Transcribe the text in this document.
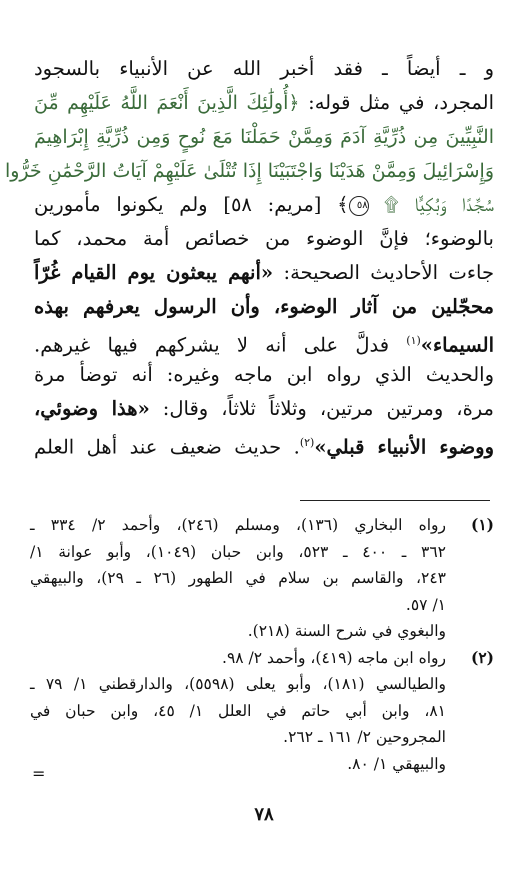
و ـ أيضاً ـ فقد أخبر الله عن الأنبياء بالسجود
المجرد، في مثل قوله: ﴿أُولَٰئِكَ الَّذِينَ أَنْعَمَ اللَّهُ عَلَيْهِم مِّنَ
النَّبِيِّينَ مِن ذُرِّيَّةِ آدَمَ وَمِمَّنْ حَمَلْنَا مَعَ نُوحٍ وَمِن ذُرِّيَّةِ إِبْرَاهِيمَ
وَإِسْرَائِيلَ وَمِمَّنْ هَدَيْنَا وَاجْتَبَيْنَا إِذَا تُتْلَىٰ عَلَيْهِمْ آيَاتُ الرَّحْمَٰنِ خَرُّوا
سُجَّدًا وَبُكِيًّا ۩ ٥٨﴾ [مريم: ٥٨] ولم يكونوا مأمورين
بالوضوء؛ فإنَّ الوضوء من خصائص أمة محمد، كما
جاءت الأحاديث الصحيحة: «أنهم يبعثون يوم القيام غُرّاً
محجّلين من آثار الوضوء، وأن الرسول يعرفهم بهذه
السيماء»$^{(١)}$ فدلَّ على أنه لا يشركهم فيها غيرهم.
والحديث الذي رواه ابن ماجه وغيره: أنه توضأ مرة
مرة، ومرتين مرتين، وثلاثاً ثلاثاً، وقال: «هذا وضوئي،
ووضوء الأنبياء قبلي»$^{(٢)}$. حديث ضعيف عند أهل العلم
(١)
رواه البخاري (١٣٦)، ومسلم (٢٤٦)، وأحمد ٢/ ٣٣٤ ـ
٣٦٢ ـ ٤٠٠ ـ ٥٢٣، وابن حبان (١٠٤٩)، وأبو عوانة ١/
٢٤٣، والقاسم بن سلام في الطهور (٢٦ ـ ٢٩)، والبيهقي
١/ ٥٧.
والبغوي في شرح السنة (٢١٨).
(٢)
رواه ابن ماجه (٤١٩)، وأحمد ٢/ ٩٨.
والطيالسي (١٨١)، وأبو يعلى (٥٥٩٨)، والدارقطني ١/ ٧٩ ـ
٨١، وابن أبي حاتم في العلل ١/ ٤٥، وابن حبان في
المجروحين ٢/ ١٦١ ـ ٢٦٢.
والبيهقي ١/ ٨٠.
=
٧٨
